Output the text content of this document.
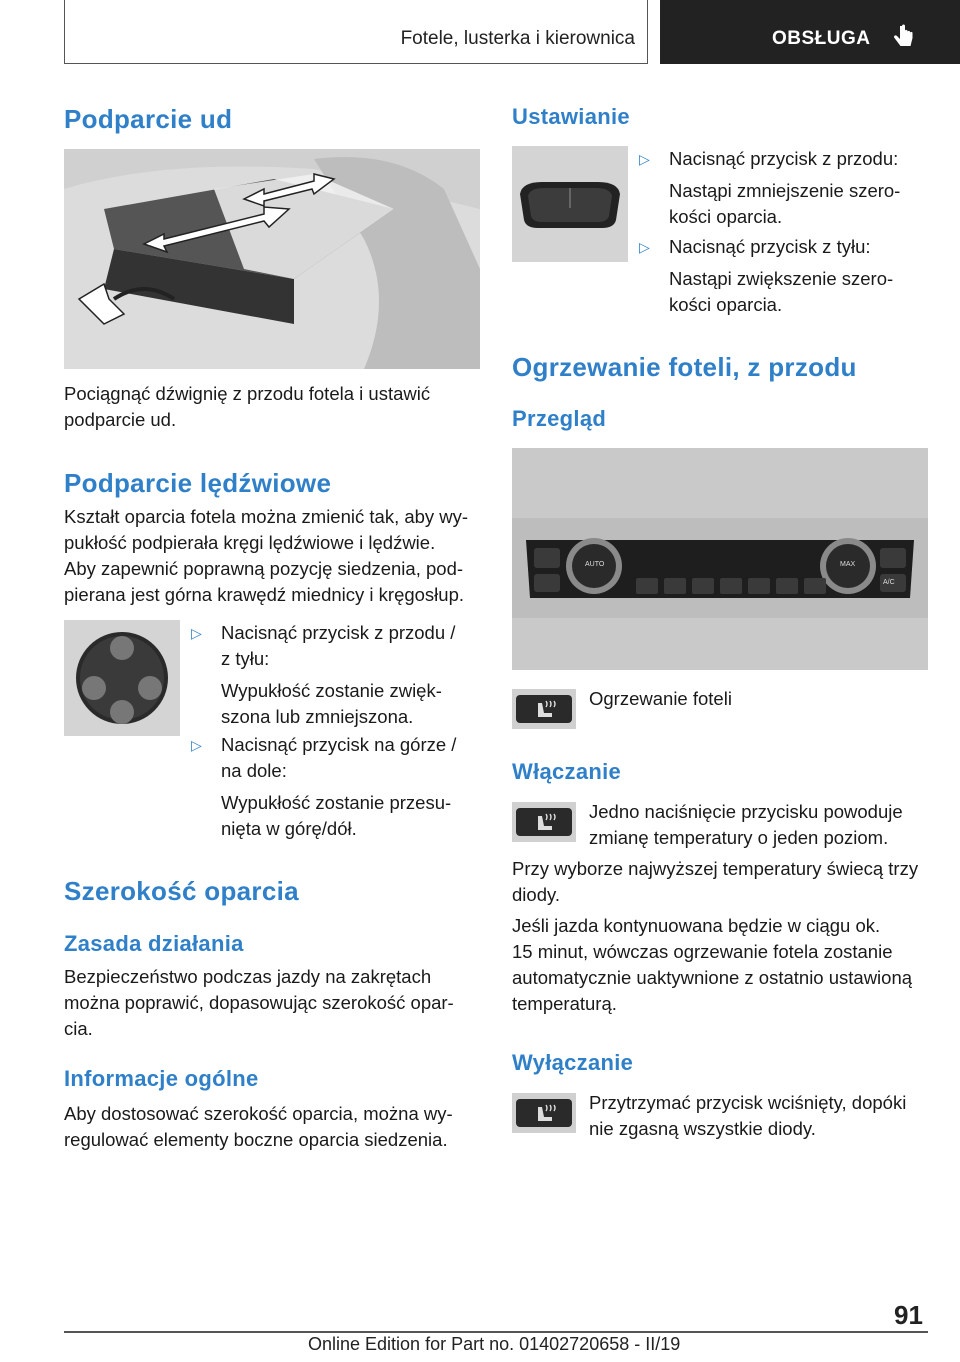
Fotele, lusterka i kierownica	OBSŁUGA
Podparcie ud
Pociągnąć dźwignię z przodu fotela i ustawić
podparcie ud.
Podparcie lędźwiowe
Kształt oparcia fotela można zmienić tak, aby wy‐
pukłość podpierała kręgi lędźwiowe i lędźwie.
Aby zapewnić poprawną pozycję siedzenia, pod‐
pierana jest górna krawędź miednicy i kręgosłup.
▷ Nacisnąć przycisk z przodu /
z tyłu:
Wypukłość zostanie zwięk‐
szona lub zmniejszona.
▷ Nacisnąć przycisk na górze /
na dole:
Wypukłość zostanie przesu‐
nięta w górę/dół.
Szerokość oparcia
Zasada działania
Bezpieczeństwo podczas jazdy na zakrętach
można poprawić, dopasowując szerokość opar‐
cia.
Informacje ogólne
Aby dostosować szerokość oparcia, można wy‐
regulować elementy boczne oparcia siedzenia.
Ustawianie
▷ Nacisnąć przycisk z przodu:
Nastąpi zmniejszenie szero‐
kości oparcia.
▷ Nacisnąć przycisk z tyłu:
Nastąpi zwiększenie szero‐
kości oparcia.
Ogrzewanie foteli, z przodu
Przegląd
AUTO	MAX
A/C
Ogrzewanie foteli
Włączanie
Jedno naciśnięcie przycisku powoduje
zmianę temperatury o jeden poziom.
Przy wyborze najwyższej temperatury świecą trzy
diody.
Jeśli jazda kontynuowana będzie w ciągu ok.
15 minut, wówczas ogrzewanie fotela zostanie
automatycznie uaktywnione z ostatnio ustawioną
temperaturą.
Wyłączanie
Przytrzymać przycisk wciśnięty, dopóki
nie zgasną wszystkie diody.
91
Online Edition for Part no. 01402720658 - II/19
